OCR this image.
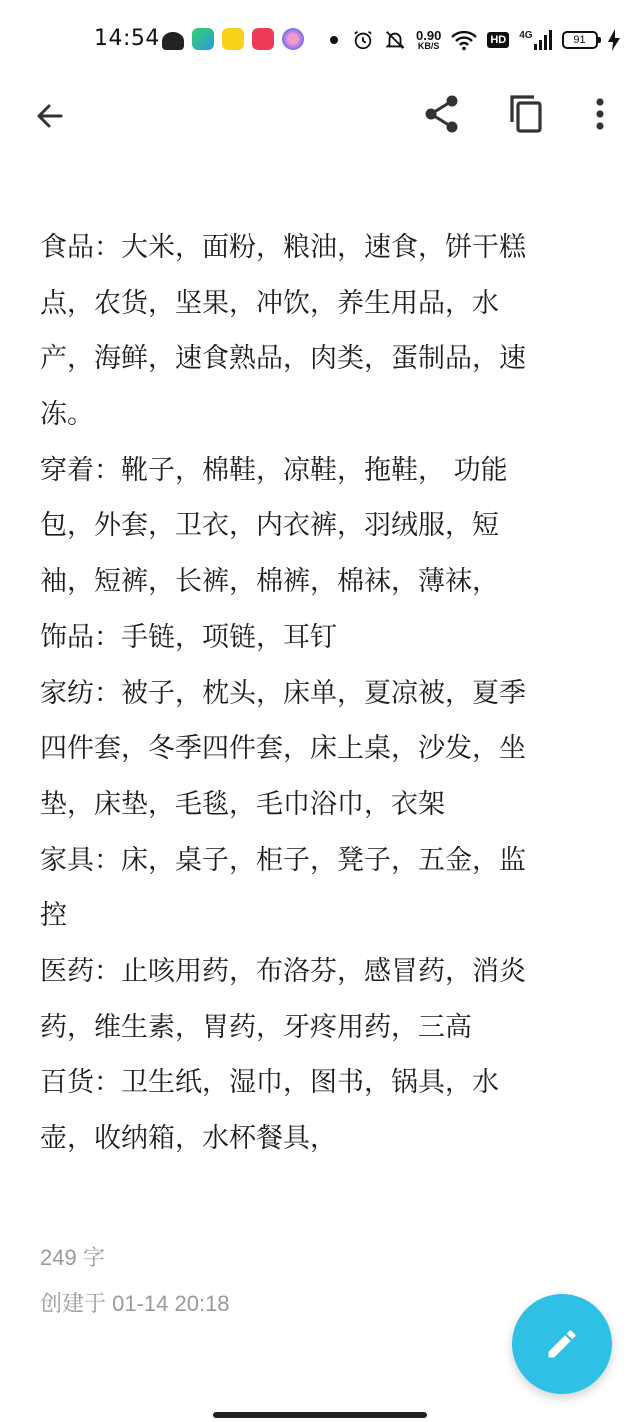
14:54	0.90
KB/S	HD	4G	91
食品：大米，面粉，粮油，速食，饼干糕
点，农货，坚果，冲饮，养生用品，水
产，海鲜，速食熟品，肉类，蛋制品，速
冻。
穿着：靴子，棉鞋，凉鞋，拖鞋， 功能
包，外套，卫衣，内衣裤，羽绒服，短
袖，短裤，长裤，棉裤，棉袜，薄袜，
饰品：手链，项链，耳钉
家纺：被子，枕头，床单，夏凉被，夏季
四件套，冬季四件套，床上桌，沙发，坐
垫，床垫，毛毯，毛巾浴巾，衣架
家具：床，桌子，柜子，凳子，五金，监
控
医药：止咳用药，布洛芬，感冒药，消炎
药，维生素，胃药，牙疼用药，三高
百货：卫生纸，湿巾，图书，锅具，水
壶，收纳箱，水杯餐具，
249 字
创建于 01-14 20:18
